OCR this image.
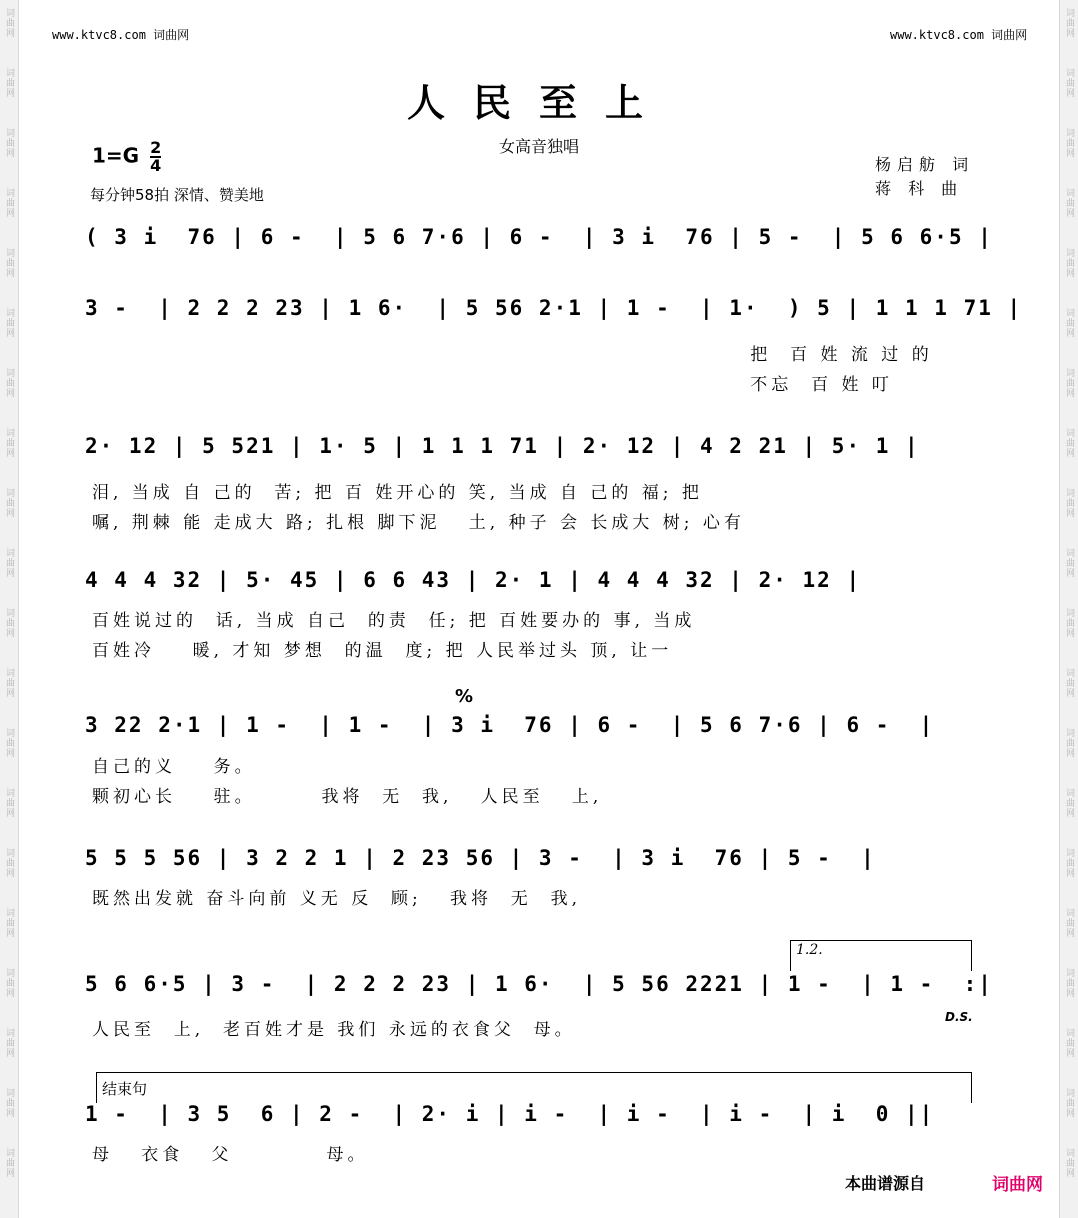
词曲网	词曲网
词曲网	词曲网
词曲网	词曲网
词曲网	词曲网
词曲网	词曲网
词曲网	词曲网
词曲网	词曲网
词曲网	词曲网
词曲网	词曲网
词曲网	词曲网
词曲网	词曲网
词曲网	词曲网
词曲网	词曲网
词曲网	词曲网
词曲网	词曲网
词曲网	词曲网
词曲网	词曲网
词曲网	词曲网
词曲网	词曲网
词曲网	词曲网
www.ktvc8.com 词曲网	www.ktvc8.com 词曲网
人民至上
女高音独唱
$1=G \frac{2}{4}$
每分钟58拍 深情、赞美地
杨启舫 词
蒋 科 曲
( 3 i  76 | 6 -  | 5 6 7·6 | 6 -  | 3 i  76 | 5 -  | 5 6 6·5 |
3 -  | 2 2 2 23 | 1 6·  | 5 56 2·1 | 1 -  | 1·  ) 5 | 1 1 1 71 |
把  百 姓 流 过 的
不忘  百 姓 叮
2· 12 | 5 521 | 1· 5 | 1 1 1 71 | 2· 12 | 4 2 21 | 5· 1 |
泪, 当成 自 己的  苦; 把 百 姓开心的 笑, 当成 自 己的 福; 把
嘱, 荆棘 能 走成大 路; 扎根 脚下泥   土, 种子 会 长成大 树; 心有
4 4 4 32 | 5· 45 | 6 6 43 | 2· 1 | 4 4 4 32 | 2· 12 |
百姓说过的  话, 当成 自己  的责  任; 把 百姓要办的 事, 当成
百姓冷    暖, 才知 梦想  的温  度; 把 人民举过头 顶, 让一
%
3 22 2·1 | 1 -  | 1 -  | 3 i  76 | 6 -  | 5 6 7·6 | 6 -  |
自己的义    务。
颗初心长    驻。       我将  无  我,   人民至   上,
5 5 5 56 | 3 2 2 1 | 2 23 56 | 3 -  | 3 i  76 | 5 -  |
既然出发就 奋斗向前 义无 反  顾;   我将  无  我,
1.2.
5 6 6·5 | 3 -  | 2 2 2 23 | 1 6·  | 5 56 2221 | 1 -  | 1 -  :|
人民至  上,  老百姓才是 我们 永远的衣食父  母。
D.S.
结束句
1 -  | 3 5  6 | 2 -  | 2· i | i -  | i -  | i -  | i  0 ||
母   衣食   父          母。
本曲谱源自	词曲网
